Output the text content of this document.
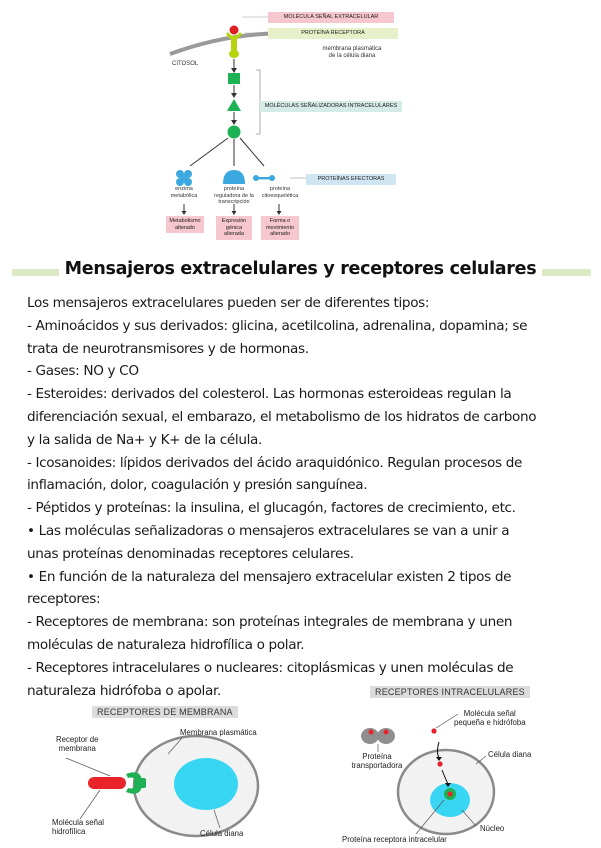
MOLÉCULA SEÑAL EXTRACELULAR
PROTEÍNA RECEPTORA
CITOSOL
membrana plasmática
de la célula diana
MOLÉCULAS SEÑALIZADORAS INTRACELULARES
PROTEÍNAS EFECTORAS
enzima
metabólica
proteína
reguladora de la
transcripción
proteína
citoesquelética
Metabolismo
alterado
Expresión
génica
alterada
Forma o
movimiento
alterado
Mensajeros extracelulares y receptores celulares

Los mensajeros extracelulares pueden ser de diferentes tipos:

- Aminoácidos y sus derivados: glicina, acetilcolina, adrenalina, dopamina; se

trata de neurotransmisores y de hormonas.

- Gases: NO y CO

- Esteroides: derivados del colesterol. Las hormonas esteroideas regulan la

diferenciación sexual, el embarazo, el metabolismo de los hidratos de carbono

y la salida de Na+ y K+ de la célula.

- Icosanoides: lípidos derivados del ácido araquidónico. Regulan procesos de

inflamación, dolor, coagulación y presión sanguínea.

- Péptidos y proteínas: la insulina, el glucagón, factores de crecimiento, etc.

• Las moléculas señalizadoras o mensajeros extracelulares se van a unir a

unas proteínas denominadas receptores celulares.

• En función de la naturaleza del mensajero extracelular existen 2 tipos de

receptores:

- Receptores de membrana: son proteínas integrales de membrana y unen

moléculas de naturaleza hidrofílica o polar.

- Receptores intracelulares o nucleares: citoplásmicas y unen moléculas de

naturaleza hidrófoba o apolar.

RECEPTORES DE MEMBRANA
Receptor de
membrana
Membrana plasmática
Molécula señal
hidrofílica	Célula diana
RECEPTORES INTRACELULARES
Molécula señal
pequeña e hidrófoba
Proteína
transportadora
Célula diana
Núcleo
Proteína receptora intracelular
